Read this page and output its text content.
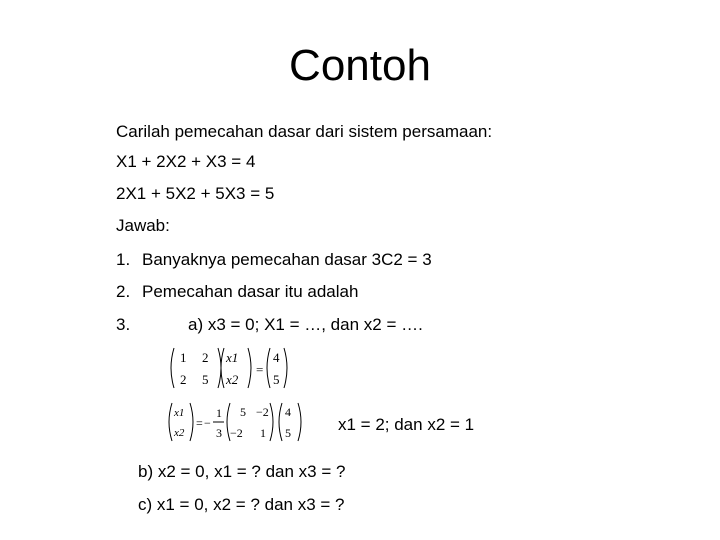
Contoh
Carilah pemecahan dasar dari sistem persamaan:
X1 + 2X2 + X3 = 4
2X1 + 5X2 + 5X3 = 5
Jawab:
1. Banyaknya pemecahan dasar 3C2 = 3
2. Pemecahan dasar itu adalah
3.	a) x3 = 0; X1 = …, dan x2 = ….
1 2
2 5
x1
x2
=
4
5
x1
x2
= −
1
3
5 −2
−2 1
4
5	x1 = 2; dan x2 = 1
b) x2 = 0, x1 = ? dan x3 = ?
c) x1 = 0, x2 = ? dan x3 = ?
